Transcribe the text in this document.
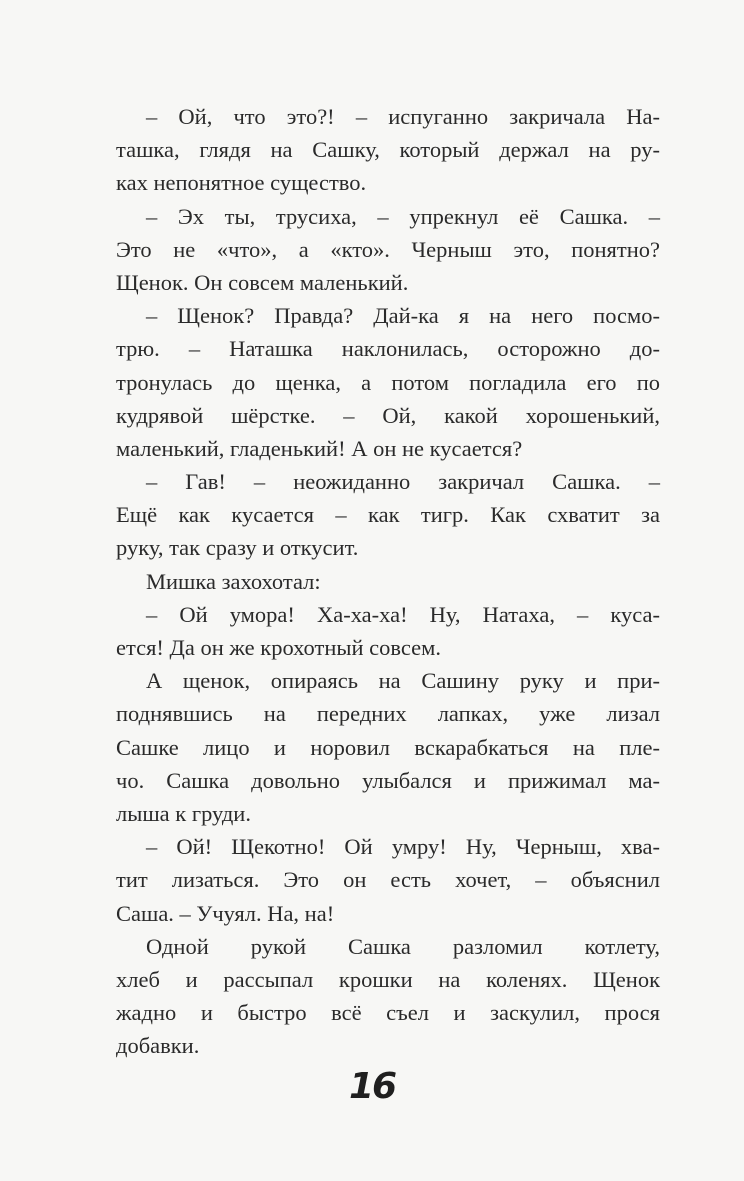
– Ой, что это?! – испуганно закричала На-
ташка, глядя на Сашку, который держал на ру-
ках непонятное существо.
– Эх ты, трусиха, – упрекнул её Сашка. –
Это не «что», а «кто». Черныш это, понятно?
Щенок. Он совсем маленький.
– Щенок? Правда? Дай-ка я на него посмо-
трю. – Наташка наклонилась, осторожно до-
тронулась до щенка, а потом погладила его по
кудрявой шёрстке. – Ой, какой хорошенький,
маленький, гладенький! А он не кусается?
– Гав! – неожиданно закричал Сашка. –
Ещё как кусается – как тигр. Как схватит за
руку, так сразу и откусит.
Мишка захохотал:
– Ой умора! Ха-ха-ха! Ну, Натаха, – куса-
ется! Да он же крохотный совсем.
А щенок, опираясь на Сашину руку и при-
поднявшись на передних лапках, уже лизал
Сашке лицо и норовил вскарабкаться на пле-
чо. Сашка довольно улыбался и прижимал ма-
лыша к груди.
– Ой! Щекотно! Ой умру! Ну, Черныш, хва-
тит лизаться. Это он есть хочет, – объяснил
Саша. – Учуял. На, на!
Одной рукой Сашка разломил котлету,
хлеб и рассыпал крошки на коленях. Щенок
жадно и быстро всё съел и заскулил, прося
добавки.
16
